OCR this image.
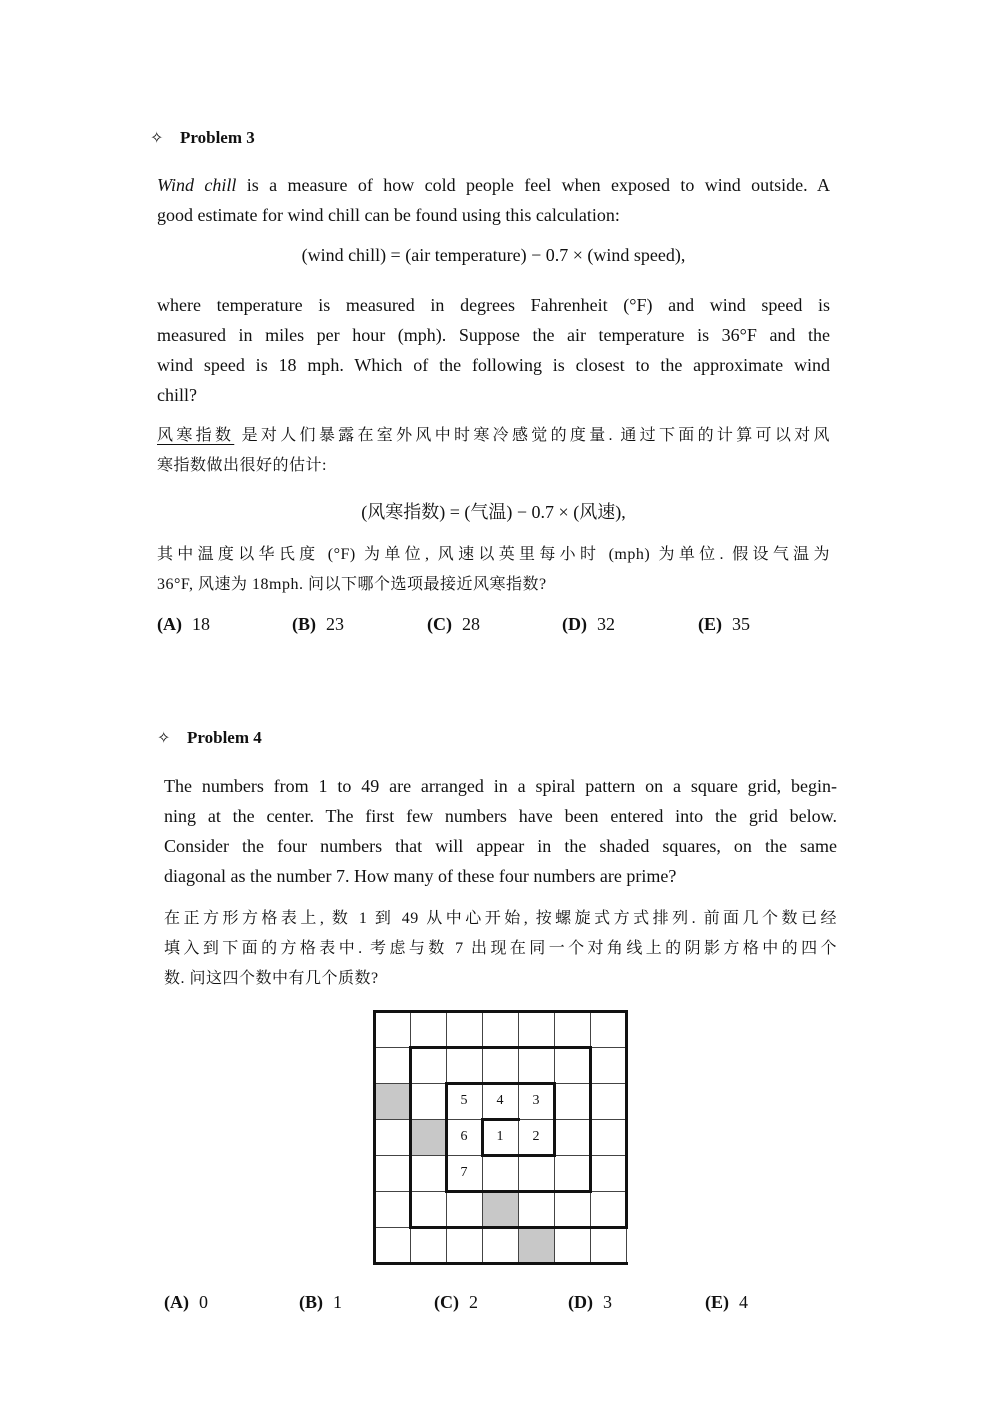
✧ Problem 3

Wind chill is a measure of how cold people feel when exposed to wind outside. A

good estimate for wind chill can be found using this calculation:

(wind chill) = (air temperature) − 0.7 × (wind speed),

where temperature is measured in degrees Fahrenheit (°F) and wind speed is

measured in miles per hour (mph). Suppose the air temperature is 36°F and the

wind speed is 18 mph. Which of the following is closest to the approximate wind

chill?

风寒指数 是对人们暴露在室外风中时寒冷感觉的度量. 通过下面的计算可以对风

寒指数做出很好的估计:

(风寒指数) = (气温) − 0.7 × (风速),

其中温度以华氏度 (°F) 为单位, 风速以英里每小时 (mph) 为单位. 假设气温为

36°F, 风速为 18mph. 问以下哪个选项最接近风寒指数?

(A) 18	(B) 23	(C) 28	(D) 32	(E) 35
✧ Problem 4

The numbers from 1 to 49 are arranged in a spiral pattern on a square grid, begin-

ning at the center. The first few numbers have been entered into the grid below.

Consider the four numbers that will appear in the shaded squares, on the same

diagonal as the number 7. How many of these four numbers are prime?

在正方形方格表上, 数 1 到 49 从中心开始, 按螺旋式方式排列. 前面几个数已经

填入到下面的方格表中. 考虑与数 7 出现在同一个对角线上的阴影方格中的四个

数. 问这四个数中有几个质数?

5	4	3
6	1	2
7
(A) 0	(B) 1	(C) 2	(D) 3	(E) 4
